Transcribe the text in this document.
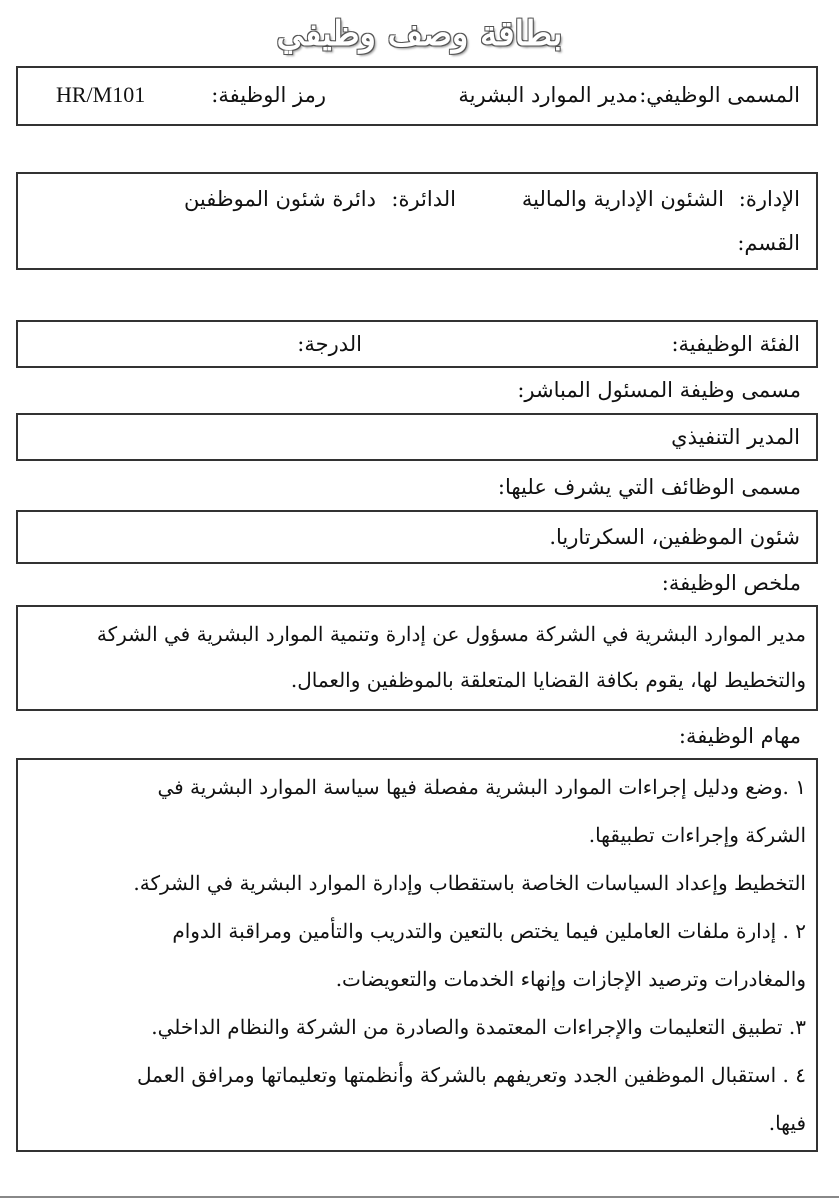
بطاقة وصف وظيفي
المسمى الوظيفي:
مدير الموارد البشرية
رمز الوظيفة:
HR/M101
الإدارة:
الشئون الإدارية والمالية
الدائرة:
دائرة شئون الموظفين
القسم:
الفئة الوظيفية:
الدرجة:
مسمى وظيفة المسئول المباشر:
المدير التنفيذي
مسمى الوظائف التي يشرف عليها:
شئون الموظفين، السكرتاريا.
ملخص الوظيفة:
مدير الموارد البشرية في الشركة مسؤول عن إدارة وتنمية الموارد البشرية في الشركة
والتخطيط لها، يقوم بكافة القضايا المتعلقة بالموظفين والعمال.
مهام الوظيفة:
١ .وضع ودليل إجراءات الموارد البشرية مفصلة فيها سياسة الموارد البشرية في
الشركة وإجراءات تطبيقها.
التخطيط وإعداد السياسات الخاصة باستقطاب وإدارة الموارد البشرية في الشركة.
٢ . إدارة ملفات العاملين فيما يختص بالتعين والتدريب والتأمين ومراقبة الدوام
والمغادرات وترصيد الإجازات وإنهاء الخدمات والتعويضات.
٣. تطبيق التعليمات والإجراءات المعتمدة والصادرة من الشركة والنظام الداخلي.
٤ . استقبال الموظفين الجدد وتعريفهم بالشركة وأنظمتها وتعليماتها ومرافق العمل
فيها.
